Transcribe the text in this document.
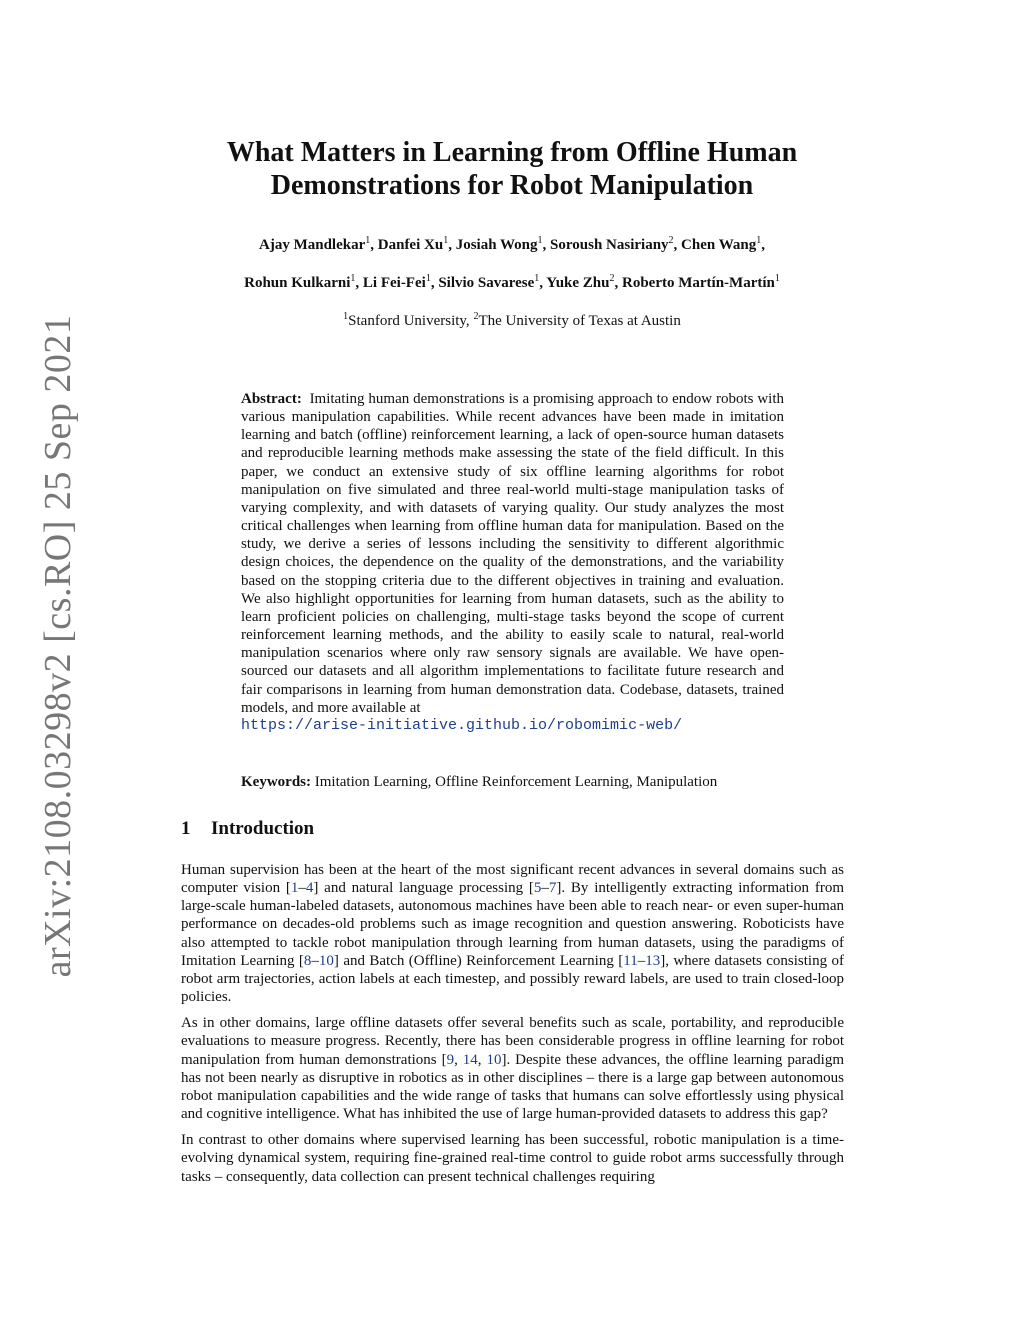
arXiv:2108.03298v2 [cs.RO] 25 Sep 2021
What Matters in Learning from Offline Human
Demonstrations for Robot Manipulation
Ajay Mandlekar$^1$, Danfei Xu$^1$, Josiah Wong$^1$, Soroush Nasiriany$^2$, Chen Wang$^1$,
Rohun Kulkarni$^1$, Li Fei-Fei$^1$, Silvio Savarese$^1$, Yuke Zhu$^2$, Roberto Martín-Martín$^1$
$^1$Stanford University, $^2$The University of Texas at Austin
Abstract: Imitating human demonstrations is a promising approach to endow robots with various manipulation capabilities. While recent advances have been made in imitation learning and batch (offline) reinforcement learning, a lack of open-source human datasets and reproducible learning methods make assessing the state of the field difficult. In this paper, we conduct an extensive study of six offline learning algorithms for robot manipulation on five simulated and three real-world multi-stage manipulation tasks of varying complexity, and with datasets of varying quality. Our study analyzes the most critical challenges when learning from offline human data for manipulation. Based on the study, we derive a series of lessons including the sensitivity to different algorithmic design choices, the dependence on the quality of the demonstrations, and the variability based on the stopping criteria due to the different objectives in training and evaluation. We also highlight opportunities for learning from human datasets, such as the ability to learn proficient policies on challenging, multi-stage tasks beyond the scope of current reinforcement learning methods, and the ability to easily scale to natural, real-world manipulation scenarios where only raw sensory signals are available. We have open-sourced our datasets and all algorithm implementations to facilitate future research and fair comparisons in learning from human demonstration data. Codebase, datasets, trained models, and more available at
https://arise-initiative.github.io/robomimic-web/
Keywords: Imitation Learning, Offline Reinforcement Learning, Manipulation
1 Introduction

Human supervision has been at the heart of the most significant recent advances in several domains such as computer vision [1–4] and natural language processing [5–7]. By intelligently extracting information from large-scale human-labeled datasets, autonomous machines have been able to reach near- or even super-human performance on decades-old problems such as image recognition and question answering. Roboticists have also attempted to tackle robot manipulation through learning from human datasets, using the paradigms of Imitation Learning [8–10] and Batch (Offline) Reinforcement Learning [11–13], where datasets consisting of robot arm trajectories, action labels at each timestep, and possibly reward labels, are used to train closed-loop policies.

As in other domains, large offline datasets offer several benefits such as scale, portability, and reproducible evaluations to measure progress. Recently, there has been considerable progress in offline learning for robot manipulation from human demonstrations [9, 14, 10]. Despite these advances, the offline learning paradigm has not been nearly as disruptive in robotics as in other disciplines – there is a large gap between autonomous robot manipulation capabilities and the wide range of tasks that humans can solve effortlessly using physical and cognitive intelligence. What has inhibited the use of large human-provided datasets to address this gap?

In contrast to other domains where supervised learning has been successful, robotic manipulation is a time-evolving dynamical system, requiring fine-grained real-time control to guide robot arms successfully through tasks – consequently, data collection can present technical challenges requiring
